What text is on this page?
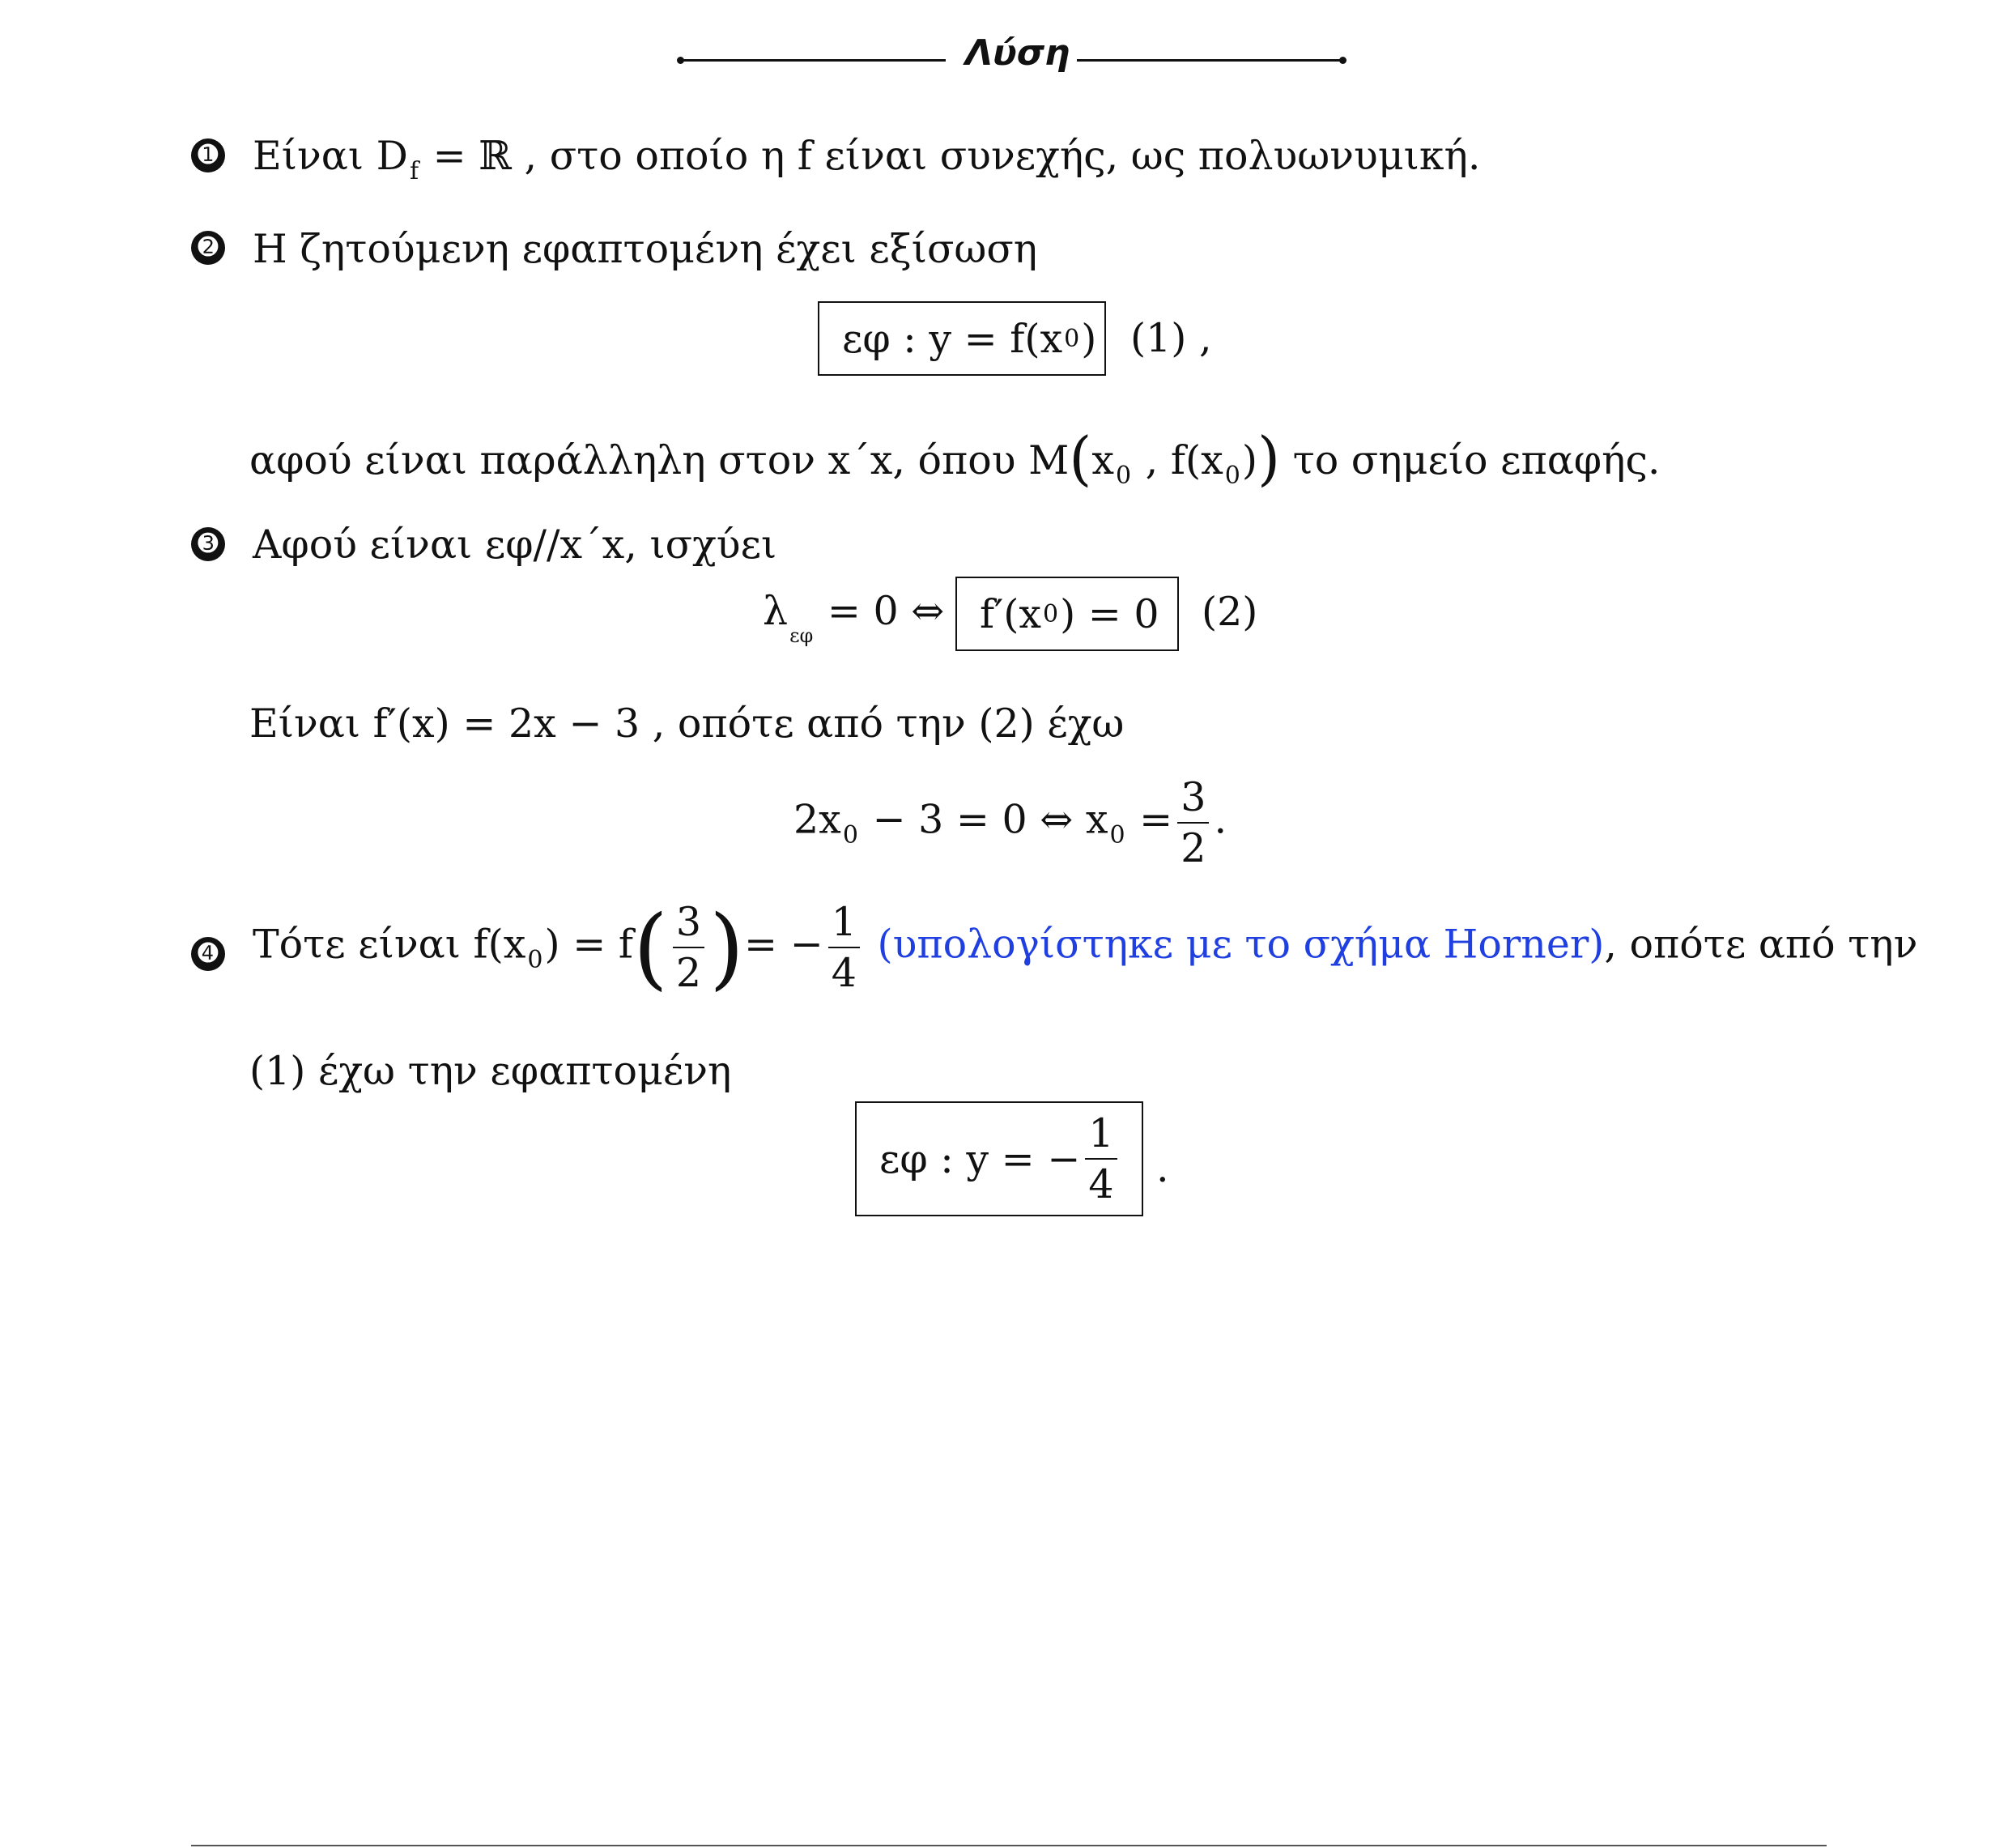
Λύση
➊ Είναι $D_f$ = ℝ , στο οποίο η f είναι συνεχής, ως πολυωνυμική.
➋ Η ζητούμενη εφαπτομένη έχει εξίσωση
εφ : y = f(x 0 ) (1) ,
αφού είναι παράλληλη στον x΄x, όπου $M(x_0$ , $f(x_0)$) το σημείο επαφής.
➌ Αφού είναι εφ//x΄x, ισχύει
$\lambda_{\varepsilon\varphi} = 0$ ⇔ f′(x 0 ) = 0 (2)
Είναι f′(x) = 2x − 3 , οπότε από την (2) έχω
$2x_0 - 3 = 0$ ⇔ $x_0 = \frac{3}{2}$ .
➍ Τότε είναι $f(x_0) = f( \frac{3}{2}$ )= − $\frac{1}{4} (\upsilon\pi o\lambda o\gamma ί\sigma\tau\eta\kappa\varepsilon$ με το σχήμα Horner), οπότε από την
(1) έχω την εφαπτομένη
εφ : y = − $\frac{1}{4}$ .
